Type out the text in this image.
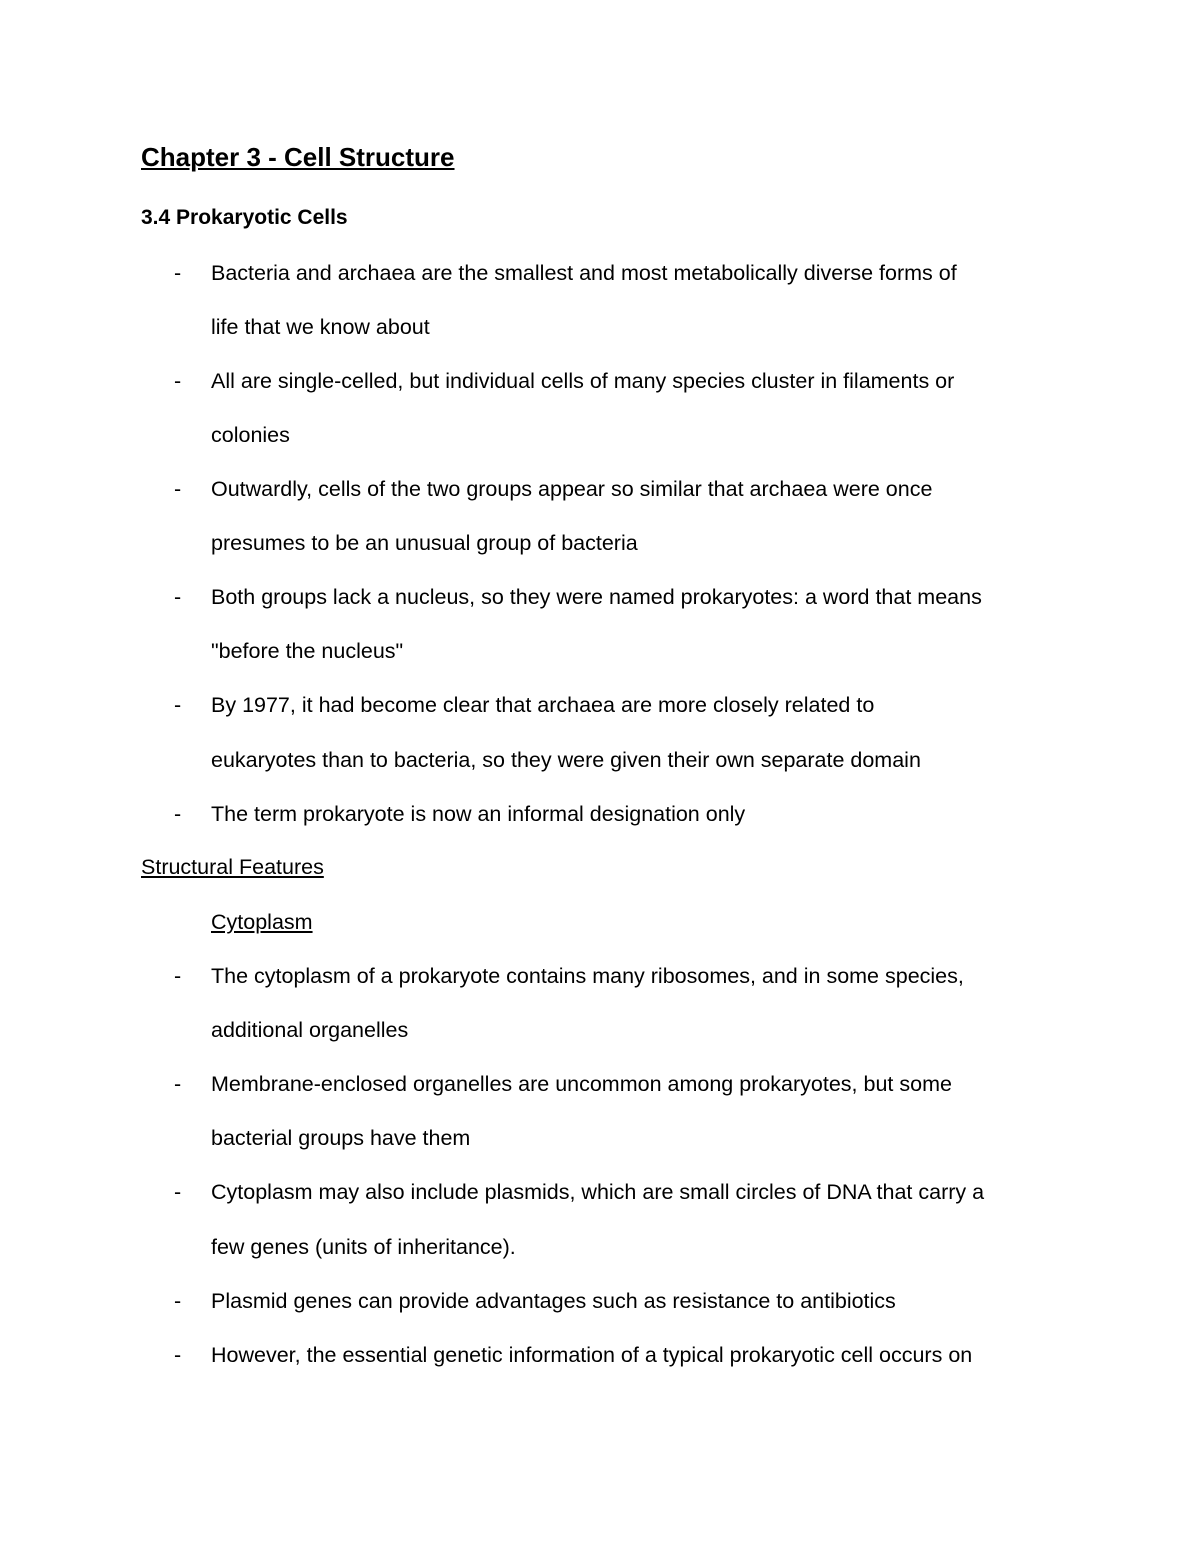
Chapter 3 - Cell Structure
3.4 Prokaryotic Cells
- Bacteria and archaea are the smallest and most metabolically diverse forms of
life that we know about
- All are single-celled, but individual cells of many species cluster in filaments or
colonies
- Outwardly, cells of the two groups appear so similar that archaea were once
presumes to be an unusual group of bacteria
- Both groups lack a nucleus, so they were named prokaryotes: a word that means
"before the nucleus"
- By 1977, it had become clear that archaea are more closely related to
eukaryotes than to bacteria, so they were given their own separate domain
- The term prokaryote is now an informal designation only
Structural Features
Cytoplasm
- The cytoplasm of a prokaryote contains many ribosomes, and in some species,
additional organelles
- Membrane-enclosed organelles are uncommon among prokaryotes, but some
bacterial groups have them
- Cytoplasm may also include plasmids, which are small circles of DNA that carry a
few genes (units of inheritance).
- Plasmid genes can provide advantages such as resistance to antibiotics
- However, the essential genetic information of a typical prokaryotic cell occurs on
